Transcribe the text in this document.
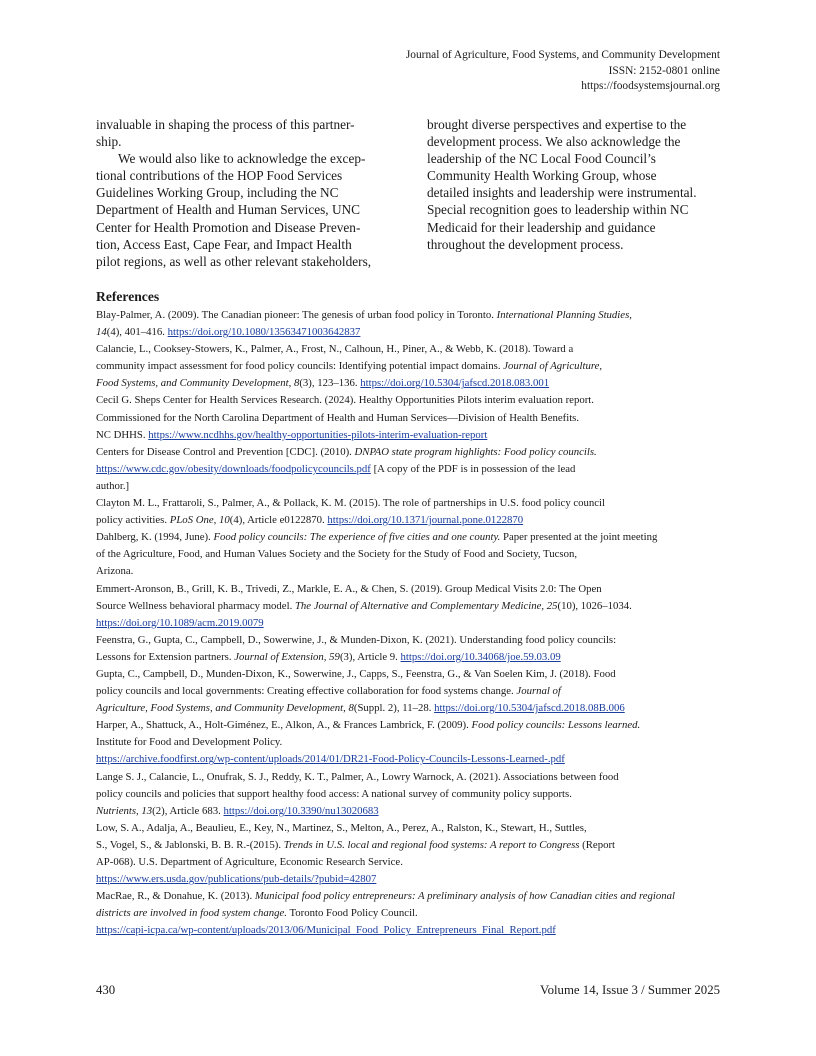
Journal of Agriculture, Food Systems, and Community Development
ISSN: 2152-0801 online
https://foodsystemsjournal.org

invaluable in shaping the process of this partner-

ship.

We would also like to acknowledge the excep-

tional contributions of the HOP Food Services

Guidelines Working Group, including the NC

Department of Health and Human Services, UNC

Center for Health Promotion and Disease Preven-

tion, Access East, Cape Fear, and Impact Health

pilot regions, as well as other relevant stakeholders,

brought diverse perspectives and expertise to the

development process. We also acknowledge the

leadership of the NC Local Food Council’s

Community Health Working Group, whose

detailed insights and leadership were instrumental.

Special recognition goes to leadership within NC

Medicaid for their leadership and guidance

throughout the development process.

References
Blay-Palmer, A. (2009). The Canadian pioneer: The genesis of urban food policy in Toronto. International Planning Studies,
14(4), 401–416. https://doi.org/10.1080/13563471003642837
Calancie, L., Cooksey-Stowers, K., Palmer, A., Frost, N., Calhoun, H., Piner, A., & Webb, K. (2018). Toward a
community impact assessment for food policy councils: Identifying potential impact domains. Journal of Agriculture,
Food Systems, and Community Development, 8(3), 123–136. https://doi.org/10.5304/jafscd.2018.083.001
Cecil G. Sheps Center for Health Services Research. (2024). Healthy Opportunities Pilots interim evaluation report.
Commissioned for the North Carolina Department of Health and Human Services—Division of Health Benefits.
NC DHHS. https://www.ncdhhs.gov/healthy-opportunities-pilots-interim-evaluation-report
Centers for Disease Control and Prevention [CDC]. (2010). DNPAO state program highlights: Food policy councils.
https://www.cdc.gov/obesity/downloads/foodpolicycouncils.pdf [A copy of the PDF is in possession of the lead
author.]
Clayton M. L., Frattaroli, S., Palmer, A., & Pollack, K. M. (2015). The role of partnerships in U.S. food policy council
policy activities. PLoS One, 10(4), Article e0122870. https://doi.org/10.1371/journal.pone.0122870
Dahlberg, K. (1994, June). Food policy councils: The experience of five cities and one county. Paper presented at the joint meeting
of the Agriculture, Food, and Human Values Society and the Society for the Study of Food and Society, Tucson,
Arizona.
Emmert-Aronson, B., Grill, K. B., Trivedi, Z., Markle, E. A., & Chen, S. (2019). Group Medical Visits 2.0: The Open
Source Wellness behavioral pharmacy model. The Journal of Alternative and Complementary Medicine, 25(10), 1026–1034.
https://doi.org/10.1089/acm.2019.0079
Feenstra, G., Gupta, C., Campbell, D., Sowerwine, J., & Munden-Dixon, K. (2021). Understanding food policy councils:
Lessons for Extension partners. Journal of Extension, 59(3), Article 9. https://doi.org/10.34068/joe.59.03.09
Gupta, C., Campbell, D., Munden-Dixon, K., Sowerwine, J., Capps, S., Feenstra, G., & Van Soelen Kim, J. (2018). Food
policy councils and local governments: Creating effective collaboration for food systems change. Journal of
Agriculture, Food Systems, and Community Development, 8(Suppl. 2), 11–28. https://doi.org/10.5304/jafscd.2018.08B.006
Harper, A., Shattuck, A., Holt-Giménez, E., Alkon, A., & Frances Lambrick, F. (2009). Food policy councils: Lessons learned.
Institute for Food and Development Policy.
https://archive.foodfirst.org/wp-content/uploads/2014/01/DR21-Food-Policy-Councils-Lessons-Learned-.pdf
Lange S. J., Calancie, L., Onufrak, S. J., Reddy, K. T., Palmer, A., Lowry Warnock, A. (2021). Associations between food
policy councils and policies that support healthy food access: A national survey of community policy supports.
Nutrients, 13(2), Article 683. https://doi.org/10.3390/nu13020683
Low, S. A., Adalja, A., Beaulieu, E., Key, N., Martinez, S., Melton, A., Perez, A., Ralston, K., Stewart, H., Suttles,
S., Vogel, S., & Jablonski, B. B. R.-(2015). Trends in U.S. local and regional food systems: A report to Congress (Report
AP-068). U.S. Department of Agriculture, Economic Research Service.
https://www.ers.usda.gov/publications/pub-details/?pubid=42807
MacRae, R., & Donahue, K. (2013). Municipal food policy entrepreneurs: A preliminary analysis of how Canadian cities and regional
districts are involved in food system change. Toronto Food Policy Council.
https://capi-icpa.ca/wp-content/uploads/2013/06/Municipal_Food_Policy_Entrepreneurs_Final_Report.pdf
430	Volume 14, Issue 3 / Summer 2025
